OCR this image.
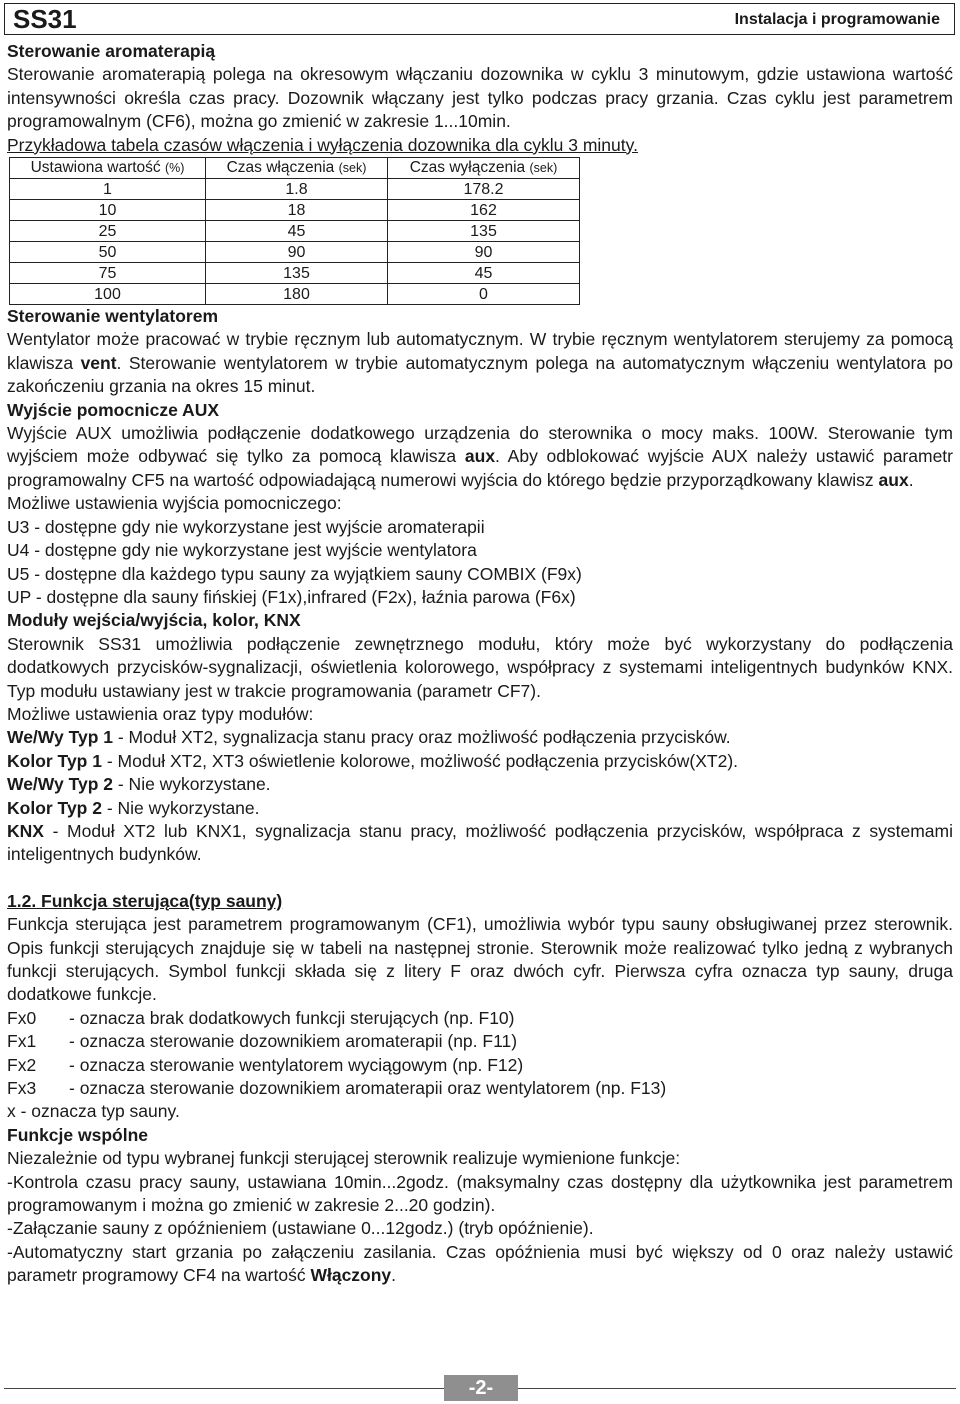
SS31	Instalacja i programowanie

Sterowanie aromaterapią

Sterowanie aromaterapią polega na okresowym włączaniu dozownika w cyklu 3 minutowym, gdzie ustawiona wartość intensywności określa czas pracy. Dozownik włączany jest tylko podczas pracy grzania. Czas cyklu jest parametrem programowalnym (CF6), można go zmienić w zakresie 1...10min.

Przykładowa tabela czasów włączenia i wyłączenia dozownika dla cyklu 3 minuty.

Ustawiona wartość (%)	Czas włączenia (sek)	Czas wyłączenia (sek)
1	1.8	178.2
10	18	162
25	45	135
50	90	90
75	135	45
100	180	0

Sterowanie wentylatorem

Wentylator może pracować w trybie ręcznym lub automatycznym. W trybie ręcznym wentylatorem sterujemy za pomocą klawisza vent. Sterowanie wentylatorem w trybie automatycznym polega na automatycznym włączeniu wentylatora po zakończeniu grzania na okres 15 minut.

Wyjście pomocnicze AUX

Wyjście AUX umożliwia podłączenie dodatkowego urządzenia do sterownika o mocy maks. 100W. Sterowanie tym wyjściem może odbywać się tylko za pomocą klawisza aux. Aby odblokować wyjście AUX należy ustawić parametr programowalny CF5 na wartość odpowiadającą numerowi wyjścia do którego będzie przyporządkowany klawisz aux.

Możliwe ustawienia wyjścia pomocniczego:

U3 - dostępne gdy nie wykorzystane jest wyjście aromaterapii

U4 - dostępne gdy nie wykorzystane jest wyjście wentylatora

U5 - dostępne dla każdego typu sauny za wyjątkiem sauny COMBIX (F9x)

UP - dostępne dla sauny fińskiej (F1x),infrared (F2x), łaźnia parowa (F6x)

Moduły wejścia/wyjścia, kolor, KNX

Sterownik SS31 umożliwia podłączenie zewnętrznego modułu, który może być wykorzystany do podłączenia dodatkowych przycisków-sygnalizacji, oświetlenia kolorowego, współpracy z systemami inteligentnych budynków KNX. Typ modułu ustawiany jest w trakcie programowania (parametr CF7).

Możliwe ustawienia oraz typy modułów:

We/Wy Typ 1 - Moduł XT2, sygnalizacja stanu pracy oraz możliwość podłączenia przycisków.

Kolor Typ 1 - Moduł XT2, XT3 oświetlenie kolorowe, możliwość podłączenia przycisków(XT2).

We/Wy Typ 2 - Nie wykorzystane.

Kolor Typ 2 - Nie wykorzystane.

KNX - Moduł XT2 lub KNX1, sygnalizacja stanu pracy, możliwość podłączenia przycisków, współpraca z systemami inteligentnych budynków.

1.2. Funkcja sterująca(typ sauny)

Funkcja sterująca jest parametrem programowanym (CF1), umożliwia wybór typu sauny obsługiwanej przez sterownik. Opis funkcji sterujących znajduje się w tabeli na następnej stronie. Sterownik może realizować tylko jedną z wybranych funkcji sterujących. Symbol funkcji składa się z litery F oraz dwóch cyfr. Pierwsza cyfra oznacza typ sauny, druga dodatkowe funkcje.

Fx0 - oznacza brak dodatkowych funkcji sterujących (np. F10)

Fx1 - oznacza sterowanie dozownikiem aromaterapii (np. F11)

Fx2 - oznacza sterowanie wentylatorem wyciągowym (np. F12)

Fx3 - oznacza sterowanie dozownikiem aromaterapii oraz wentylatorem (np. F13)

x - oznacza typ sauny.

Funkcje wspólne

Niezależnie od typu wybranej funkcji sterującej sterownik realizuje wymienione funkcje:

-Kontrola czasu pracy sauny, ustawiana 10min...2godz. (maksymalny czas dostępny dla użytkownika jest parametrem programowanym i można go zmienić w zakresie 2...20 godzin).

-Załączanie sauny z opóźnieniem (ustawiane 0...12godz.) (tryb opóźnienie).

-Automatyczny start grzania po załączeniu zasilania. Czas opóźnienia musi być większy od 0 oraz należy ustawić parametr programowy CF4 na wartość Włączony.

-2-
